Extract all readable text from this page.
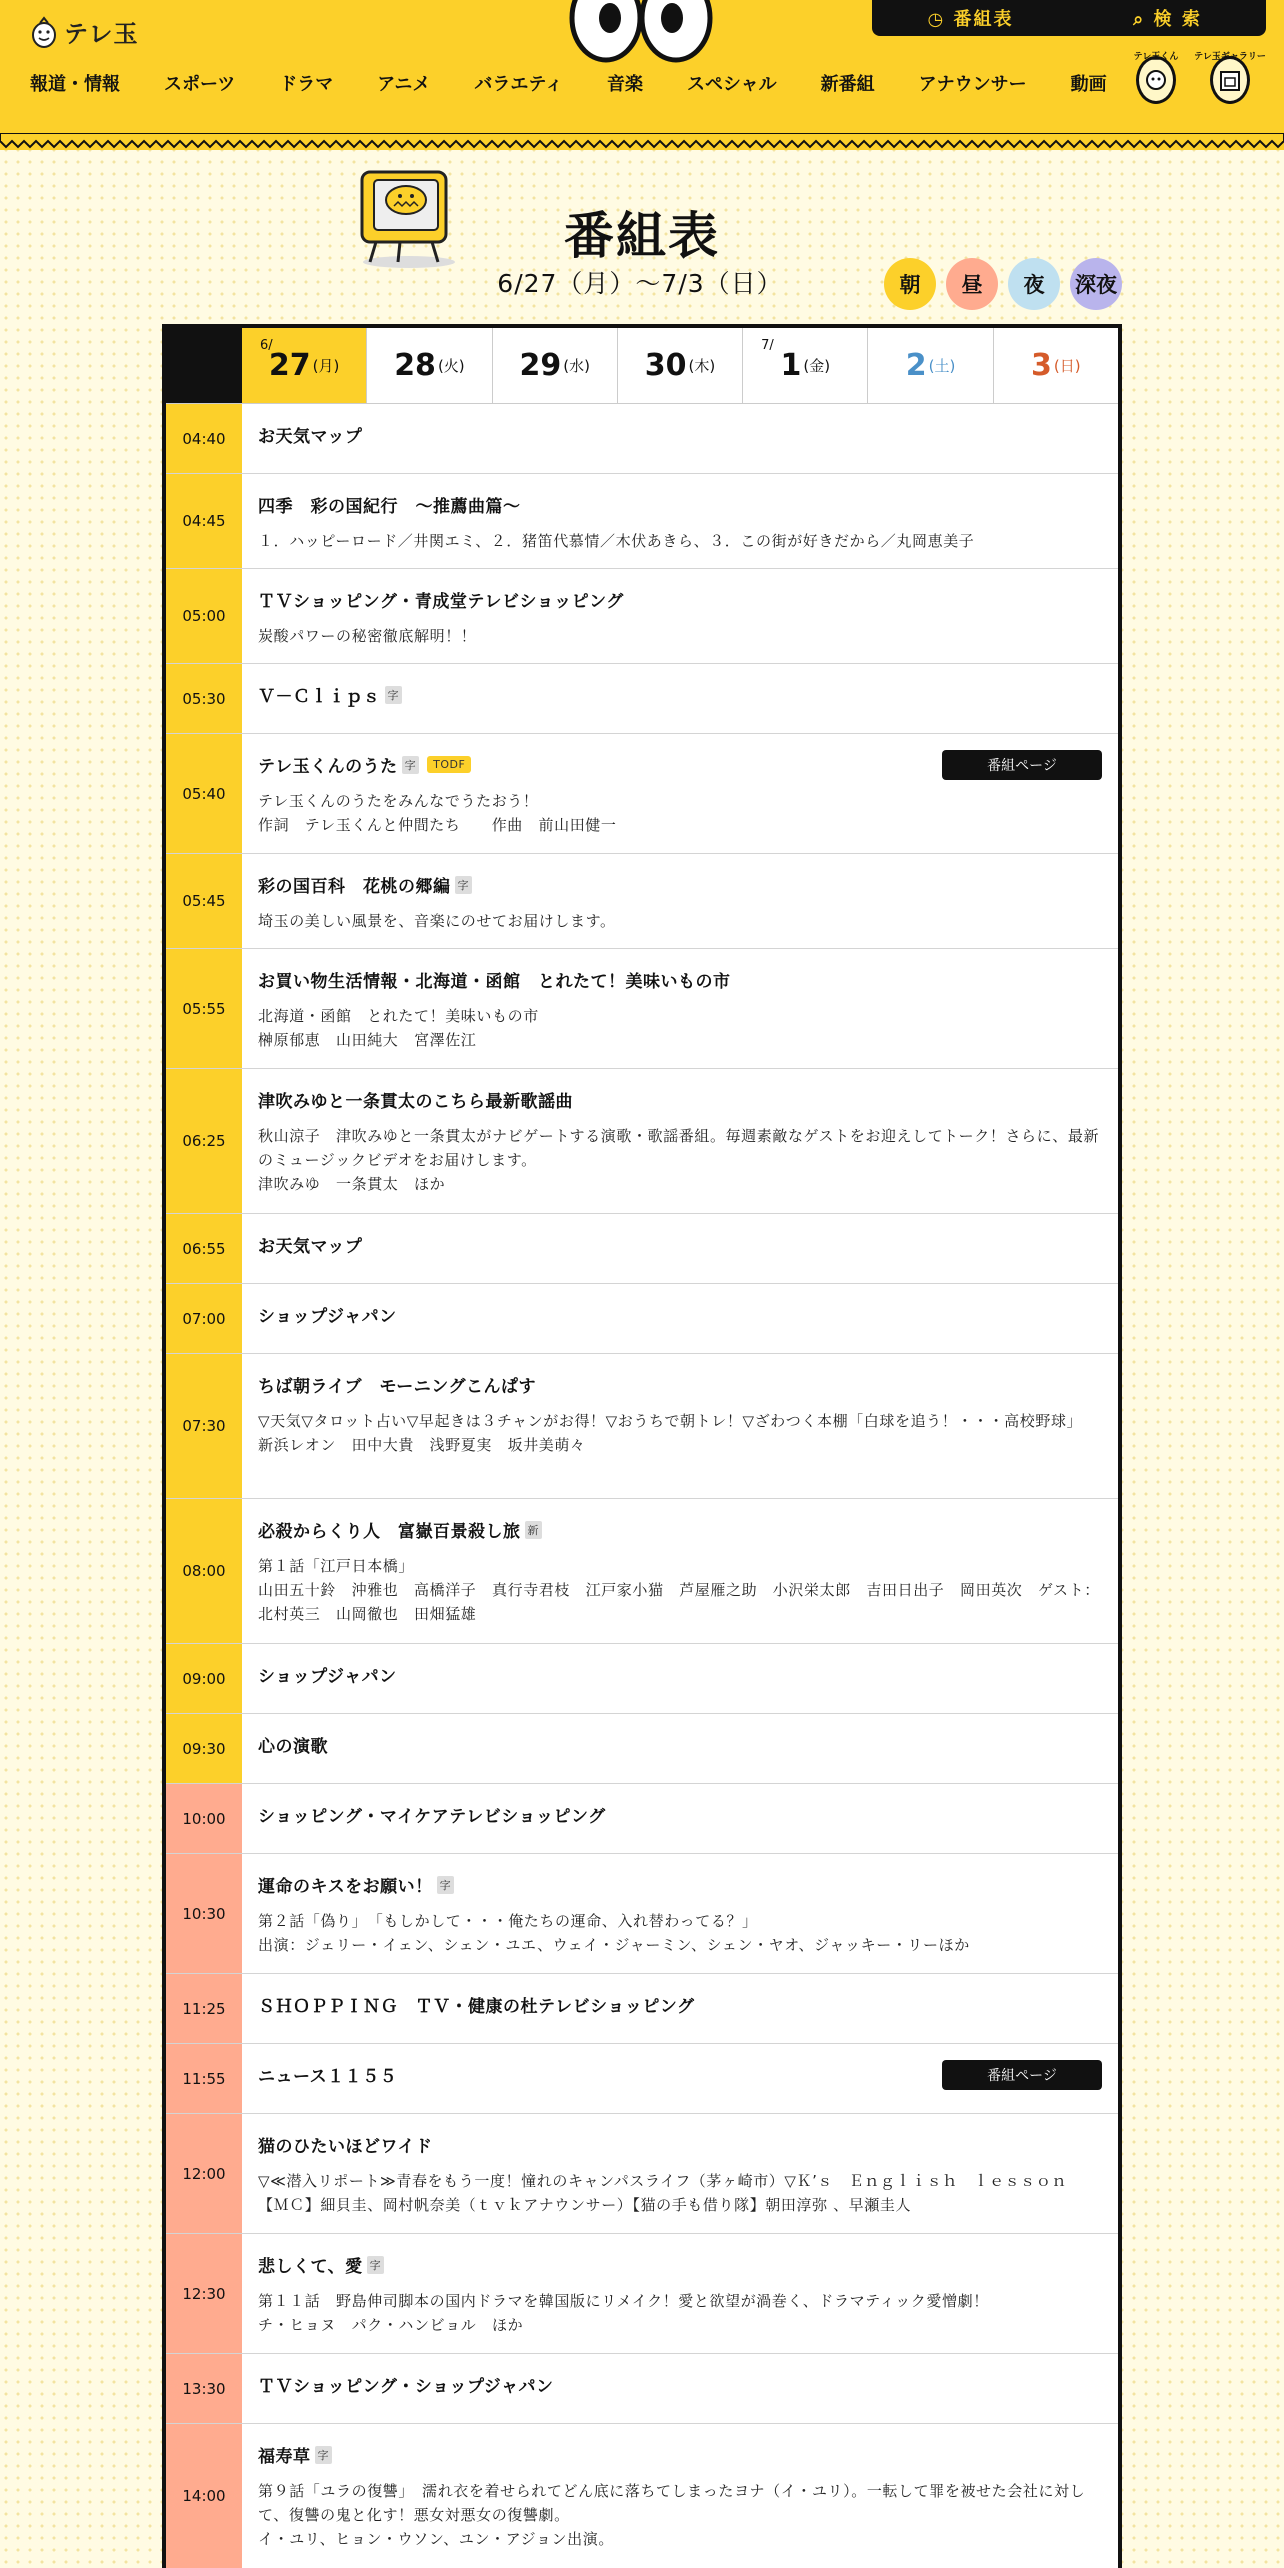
テレ玉
◷ 番組表	⌕ 検 索
報道・情報 スポーツ ドラマ アニメ バラエティ 音楽 スペシャル 新番組 アナウンサー 動画
テレ玉くん テレ玉ギャラリー
番組表
6/27（月）〜7/3（日）	朝	昼	夜	深夜
6/
27 (月) 28 (火) 29 (水) 30 (木)
7/
1 (金)	2 (土)	3 (日)
04:40	お天気マップ
04:45
四季　彩の国紀行　～推薦曲篇～
１．ハッピーロード／井関エミ、２．猪笛代慕情／木伏あきら、３．この街が好きだから／丸岡恵美子
05:00
ＴＶショッピング・青成堂テレビショッピング
炭酸パワーの秘密徹底解明！！
05:30	Ｖ－Ｃｌｉｐｓ 字
05:40
テレ玉くんのうた 字	TODF
テレ玉くんのうたをみんなでうたおう！
作詞　テレ玉くんと仲間たち　　作曲　前山田健一
番組ページ
05:45
彩の国百科　花桃の郷編 字
埼玉の美しい風景を、音楽にのせてお届けします。
05:55
お買い物生活情報・北海道・函館　とれたて！美味いもの市
北海道・函館　とれたて！美味いもの市
榊原郁恵　山田純大　宮澤佐江
06:25
津吹みゆと一条貫太のこちら最新歌謡曲
秋山涼子　津吹みゆと一条貫太がナビゲートする演歌・歌謡番組。毎週素敵なゲストをお迎えしてトーク！さらに、最新のミュージックビデオをお届けします。
津吹みゆ　一条貫太　ほか
06:55	お天気マップ
07:00	ショップジャパン
07:30
ちば朝ライブ　モーニングこんぱす
▽天気▽タロット占い▽早起きは３チャンがお得！▽おうちで朝トレ！▽ざわつく本棚「白球を追う！・・・高校野球」
新浜レオン　田中大貴　浅野夏実　坂井美萌々
08:00
必殺からくり人　富嶽百景殺し旅 新
第１話「江戸日本橋」
山田五十鈴　沖雅也　高橋洋子　真行寺君枝　江戸家小猫　芦屋雁之助　小沢栄太郎　吉田日出子　岡田英次　ゲスト：北村英三　山岡徹也　田畑猛雄
09:00	ショップジャパン
09:30	心の演歌
10:00	ショッピング・マイケアテレビショッピング
10:30
運命のキスをお願い！ 字
第２話「偽り」　「もしかして・・・俺たちの運命、入れ替わってる？」
出演：ジェリー・イェン、シェン・ユエ、ウェイ・ジャーミン、シェン・ヤオ、ジャッキー・リーほか
11:25	ＳＨＯＰＰＩＮＧ　ＴＶ・健康の杜テレビショッピング
11:55	ニュース１１５５	番組ページ
12:00
猫のひたいほどワイド
▽≪潜入リポート≫青春をもう一度！憧れのキャンパスライフ（茅ヶ崎市）▽Ｋ’ｓ　Ｅｎｇｌｉｓｈ　ｌｅｓｓｏｎ
【ＭＣ】細貝圭、岡村帆奈美（ｔｖｋアナウンサー）【猫の手も借り隊】朝田淳弥 、早瀬圭人
12:30
悲しくて、愛 字
第１１話　野島伸司脚本の国内ドラマを韓国版にリメイク！愛と欲望が渦巻く、ドラマティック愛憎劇！
チ・ヒョヌ　パク・ハンビョル　ほか
13:30	ＴＶショッピング・ショップジャパン
14:00
福寿草 字
第９話「ユラの復讐」　濡れ衣を着せられてどん底に落ちてしまったヨナ（イ・ユリ）。一転して罪を被せた会社に対して、復讐の鬼と化す！悪女対悪女の復讐劇。
イ・ユリ、ヒョン・ウソン、ユン・アジョン出演。
